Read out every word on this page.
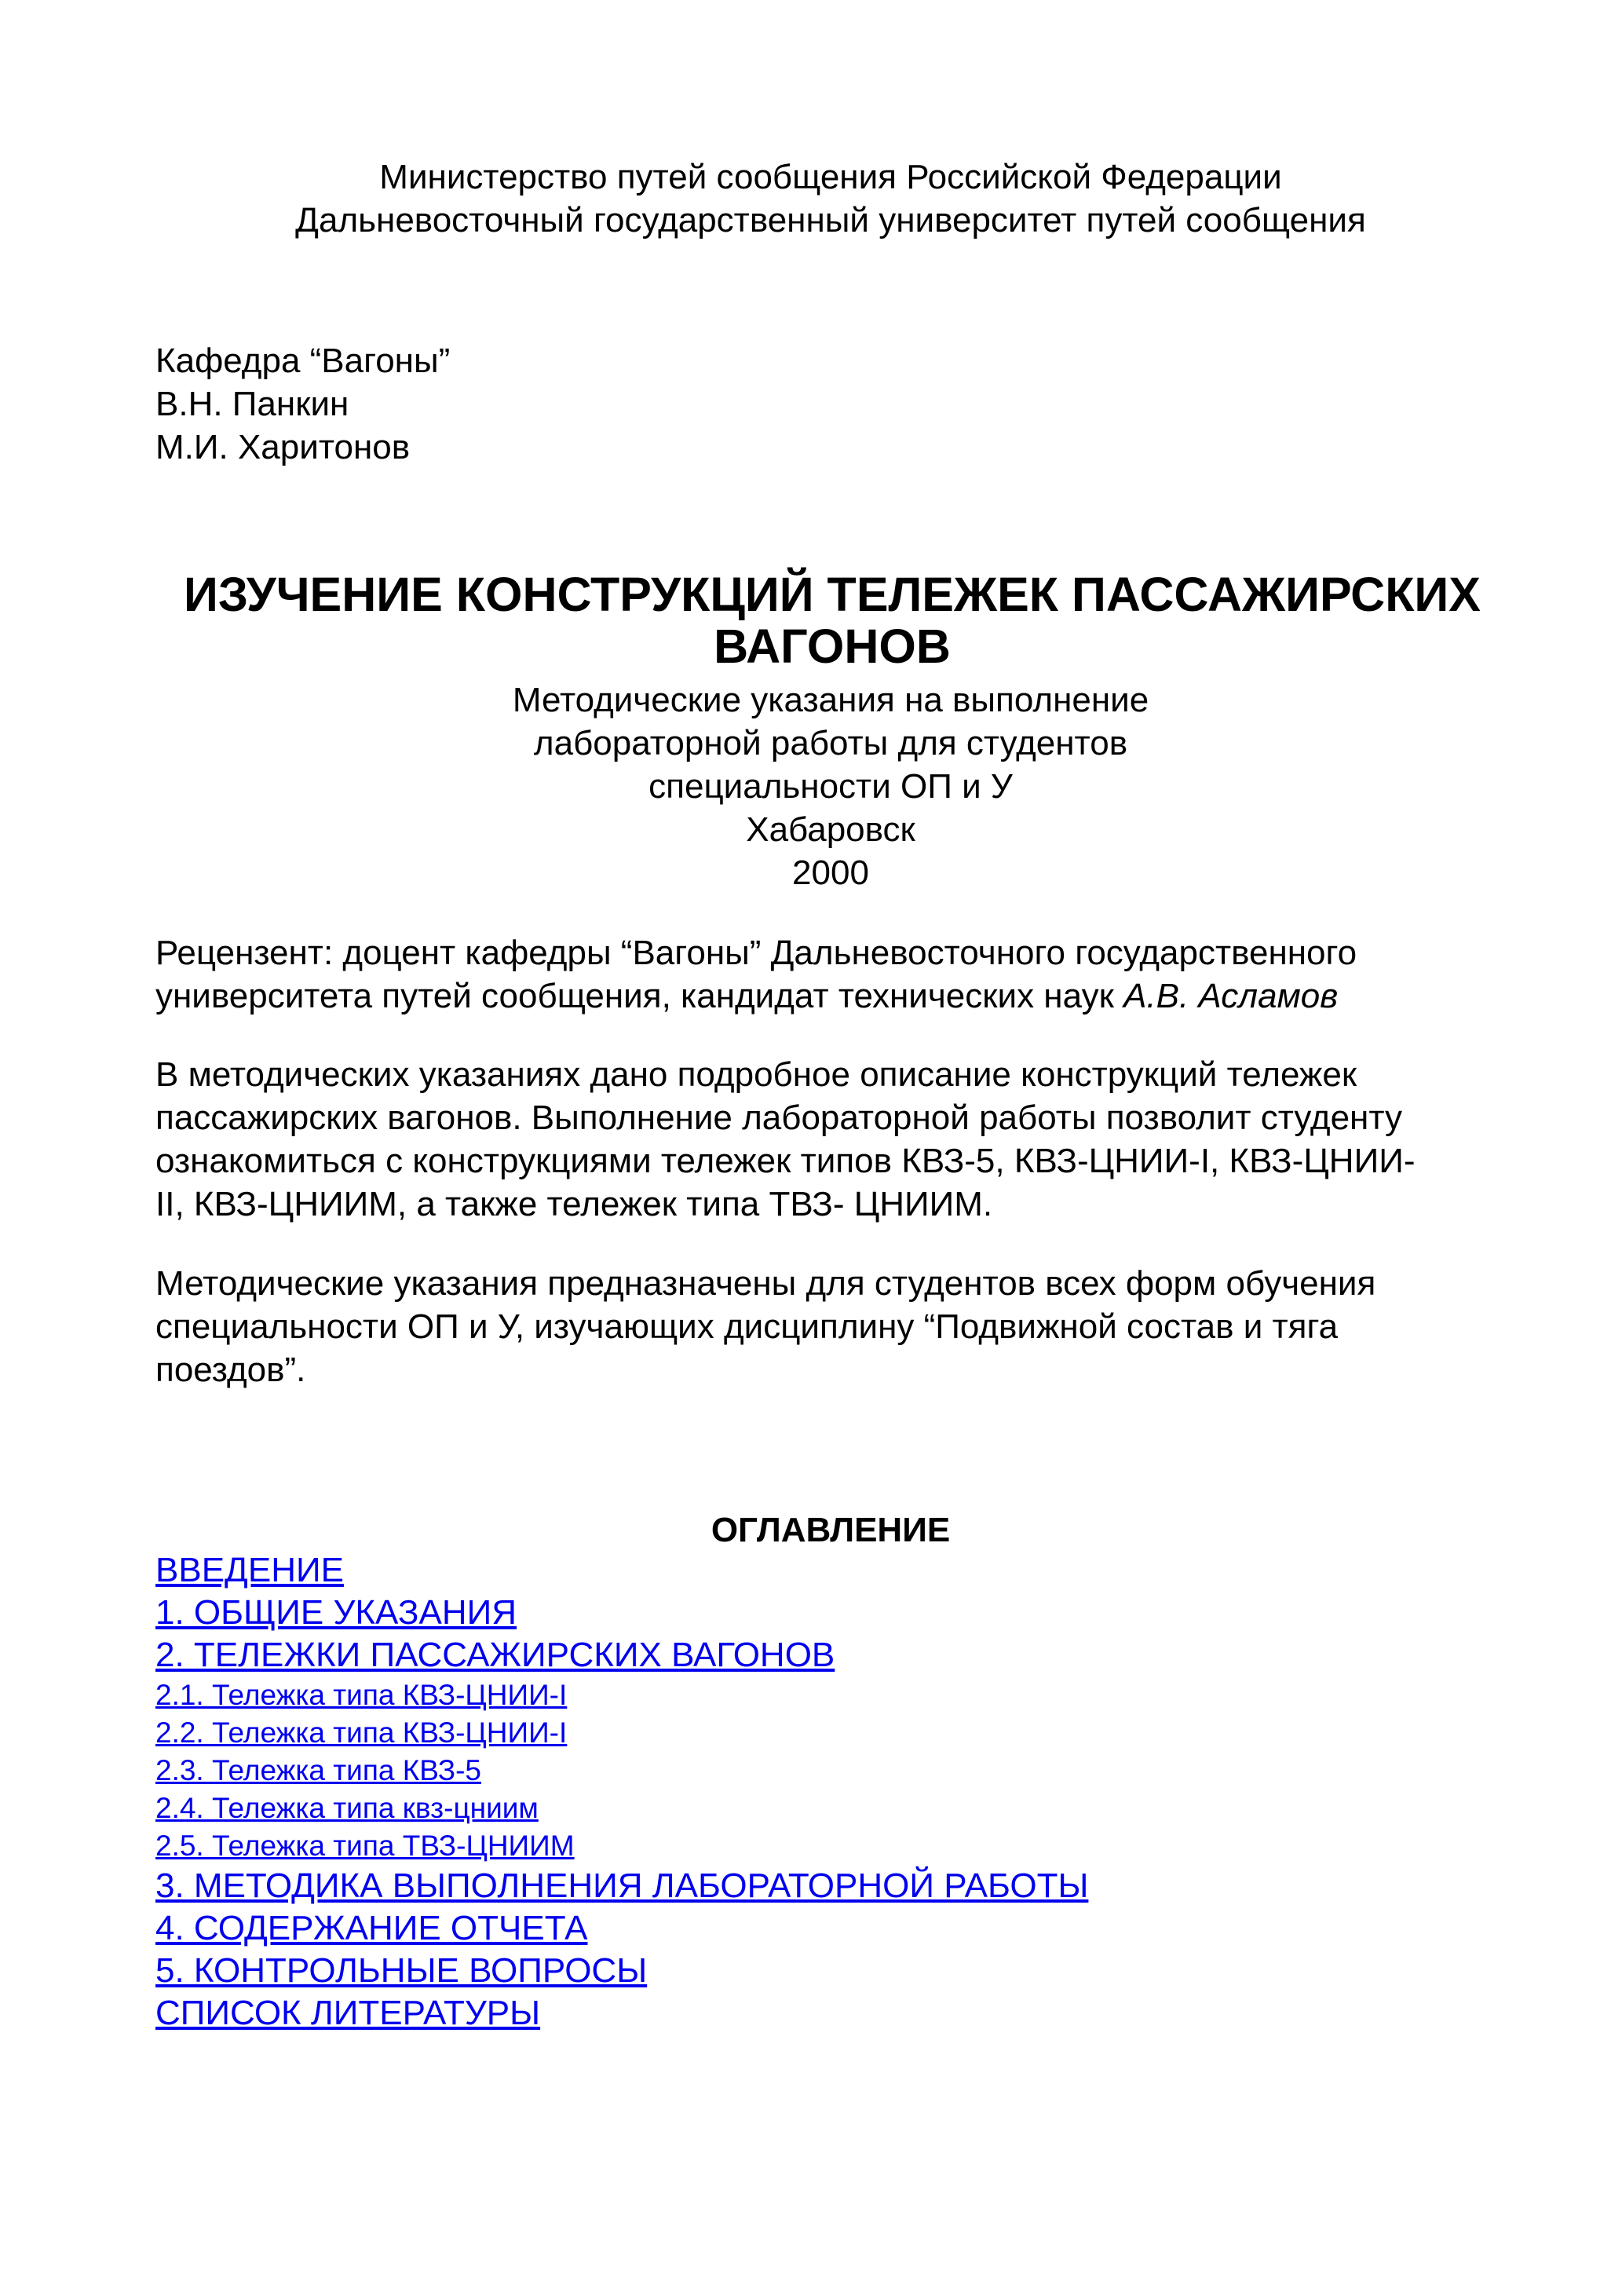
Министерство путей сообщения Российской Федерации
Дальневосточный государственный университет путей сообщения
Кафедра “Вагоны”
В.Н. Панкин
М.И. Харитонов
ИЗУЧЕНИЕ КОНСТРУКЦИЙ ТЕЛЕЖЕК ПАССАЖИРСКИХ
ВАГОНОВ
Методические указания на выполнение
лабораторной работы для студентов
специальности ОП и У
Хабаровск
2000
Рецензент: доцент кафедры “Вагоны” Дальневосточного государственного
университета путей сообщения, кандидат технических наук А.В. Асламов
В методических указаниях дано подробное описание конструкций тележек
пассажирских вагонов. Выполнение лабораторной работы позволит студенту
ознакомиться с конструкциями тележек типов КВЗ-5, КВЗ-ЦНИИ-I, КВЗ-ЦНИИ-
II, КВЗ-ЦНИИМ, а также тележек типа ТВЗ- ЦНИИМ.
Методические указания предназначены для студентов всех форм обучения
специальности ОП и У, изучающих дисциплину “Подвижной состав и тяга
поездов”.
ОГЛАВЛЕНИЕ
ВВЕДЕНИЕ
1. ОБЩИЕ УКАЗАНИЯ
2. ТЕЛЕЖКИ ПАССАЖИРСКИХ ВАГОНОВ
2.1. Тележка типа КВЗ-ЦНИИ-I
2.2. Тележка типа КВЗ-ЦНИИ-I
2.3. Тележка типа КВЗ-5
2.4. Тележка типа квз-цниим
2.5. Тележка типа ТВЗ-ЦНИИМ
3. МЕТОДИКА ВЫПОЛНЕНИЯ ЛАБОРАТОРНОЙ РАБОТЫ
4. СОДЕРЖАНИЕ ОТЧЕТА
5. КОНТРОЛЬНЫЕ ВОПРОСЫ
СПИСОК ЛИТЕРАТУРЫ
